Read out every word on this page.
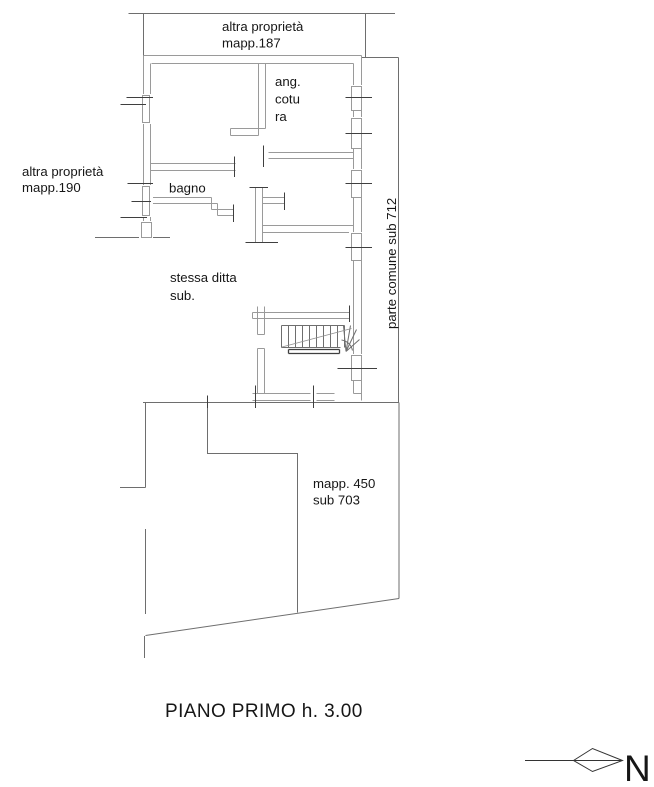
altra proprietà
mapp.187
altra proprietà
mapp.190
ang.
cotu
ra
bagno
stessa ditta
sub.	parte comune sub 712
mapp. 450
sub 703
PIANO PRIMO h. 3.00
N
